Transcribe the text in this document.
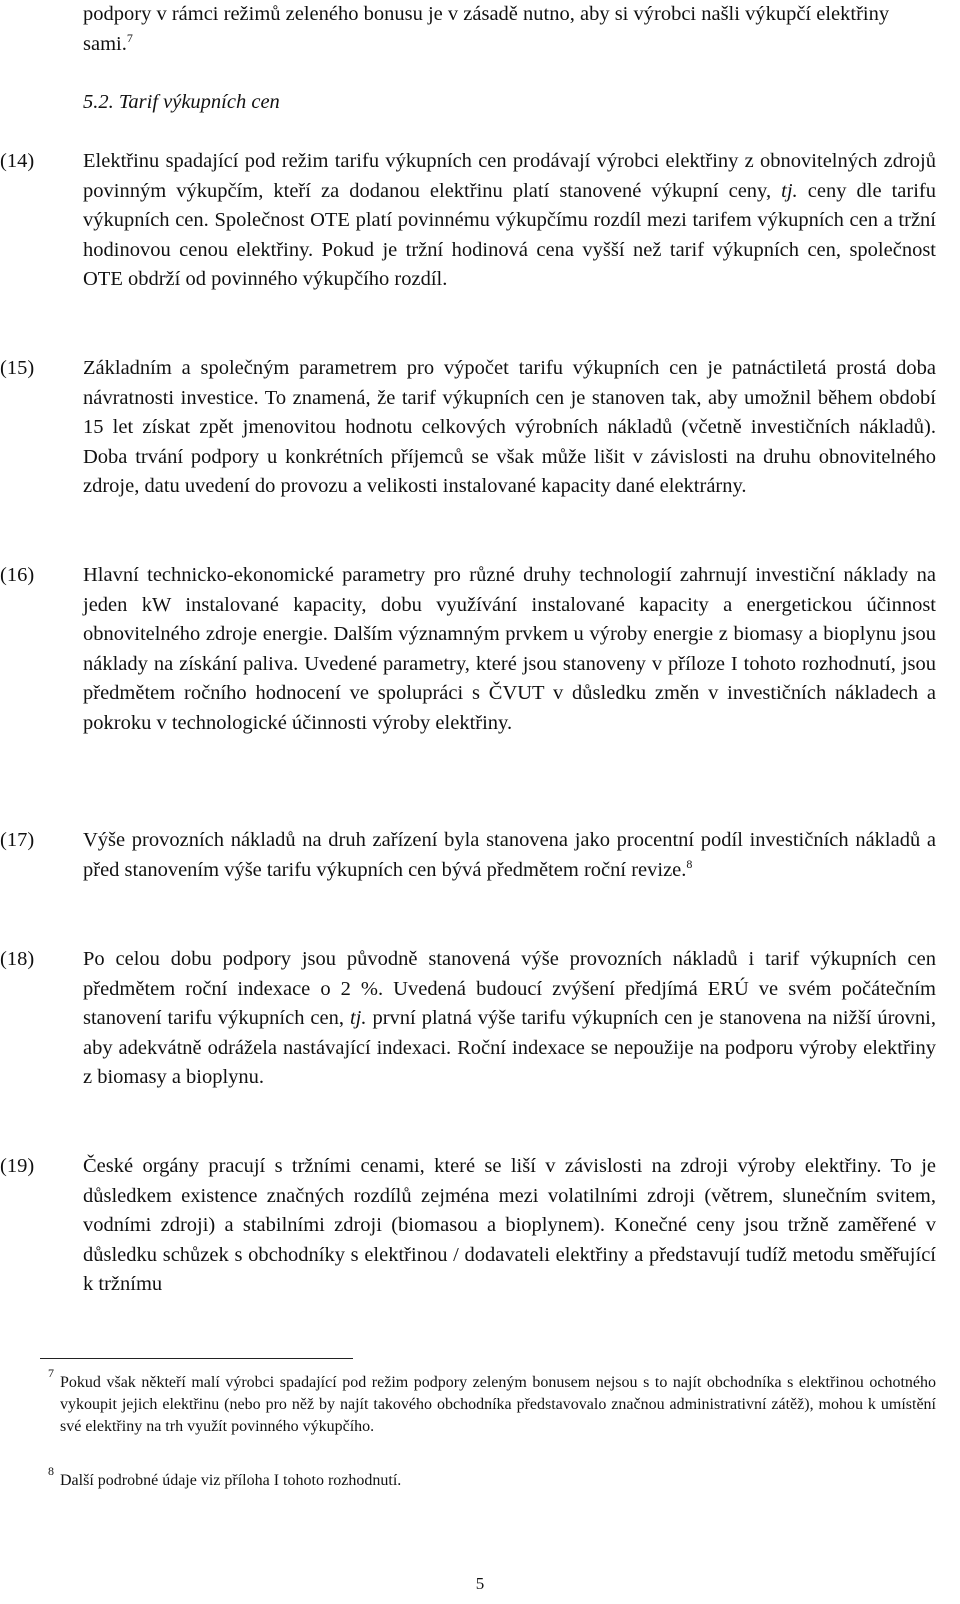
podpory v rámci režimů zeleného bonusu je v zásadě nutno, aby si výrobci našli výkupčí elektřiny sami.$^7$
5.2. Tarif výkupních cen
(14)	Elektřinu spadající pod režim tarifu výkupních cen prodávají výrobci elektřiny z obnovitelných zdrojů povinným výkupčím, kteří za dodanou elektřinu platí stanovené výkupní ceny, tj. ceny dle tarifu výkupních cen. Společnost OTE platí povinnému výkupčímu rozdíl mezi tarifem výkupních cen a tržní hodinovou cenou elektřiny. Pokud je tržní hodinová cena vyšší než tarif výkupních cen, společnost OTE obdrží od povinného výkupčího rozdíl.
(15)	Základním a společným parametrem pro výpočet tarifu výkupních cen je patnáctiletá prostá doba návratnosti investice. To znamená, že tarif výkupních cen je stanoven tak, aby umožnil během období 15 let získat zpět jmenovitou hodnotu celkových výrobních nákladů (včetně investičních nákladů). Doba trvání podpory u konkrétních příjemců se však může lišit v závislosti na druhu obnovitelného zdroje, datu uvedení do provozu a velikosti instalované kapacity dané elektrárny.
(16)	Hlavní technicko-ekonomické parametry pro různé druhy technologií zahrnují investiční náklady na jeden kW instalované kapacity, dobu využívání instalované kapacity a energetickou účinnost obnovitelného zdroje energie. Dalším významným prvkem u výroby energie z biomasy a bioplynu jsou náklady na získání paliva. Uvedené parametry, které jsou stanoveny v příloze I tohoto rozhodnutí, jsou předmětem ročního hodnocení ve spolupráci s ČVUT v důsledku změn v investičních nákladech a pokroku v technologické účinnosti výroby elektřiny.
(17)	Výše provozních nákladů na druh zařízení byla stanovena jako procentní podíl investičních nákladů a před stanovením výše tarifu výkupních cen bývá předmětem roční revize.$^8$
(18)	Po celou dobu podpory jsou původně stanovená výše provozních nákladů i tarif výkupních cen předmětem roční indexace o 2 %. Uvedená budoucí zvýšení předjímá ERÚ ve svém počátečním stanovení tarifu výkupních cen, tj. první platná výše tarifu výkupních cen je stanovena na nižší úrovni, aby adekvátně odrážela nastávající indexaci. Roční indexace se nepoužije na podporu výroby elektřiny z biomasy a bioplynu.
(19)	České orgány pracují s tržními cenami, které se liší v závislosti na zdroji výroby elektřiny. To je důsledkem existence značných rozdílů zejména mezi volatilními zdroji (větrem, slunečním svitem, vodními zdroji) a stabilními zdroji (biomasou a bioplynem). Konečné ceny jsou tržně zaměřené v důsledku schůzek s obchodníky s elektřinou / dodavateli elektřiny a představují tudíž metodu směřující k tržnímu
7
Pokud však někteří malí výrobci spadající pod režim podpory zeleným bonusem nejsou s to najít obchodníka s elektřinou ochotného vykoupit jejich elektřinu (nebo pro něž by najít takového obchodníka představovalo značnou administrativní zátěž), mohou k umístění své elektřiny na trh využít povinného výkupčího.
8
Další podrobné údaje viz příloha I tohoto rozhodnutí.
5
